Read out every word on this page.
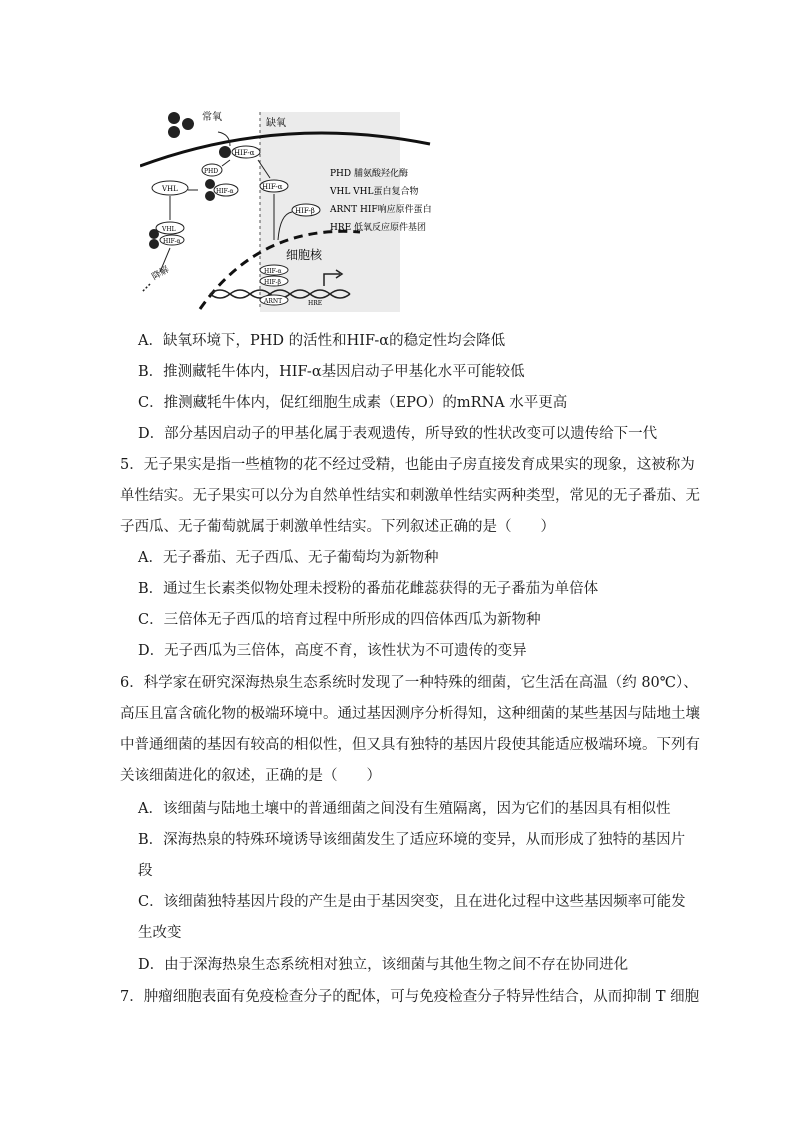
常氧
缺氧
HIF-α
PHD
HIF-α
VHL
VHL
HIF-α
降解
HIF-α
HIF-β
细胞核
HIF-α
HIF-β
ARNT	HRE
PHD 脯氨酸羟化酶
VHL VHL蛋白复合物
ARNT HIF响应原件蛋白
HRE 低氧反应原件基团
A．缺氧环境下，PHD 的活性和HIF-α的稳定性均会降低
B．推测藏牦牛体内，HIF-α基因启动子甲基化水平可能较低
C．推测藏牦牛体内，促红细胞生成素（EPO）的mRNA 水平更高
D．部分基因启动子的甲基化属于表观遗传，所导致的性状改变可以遗传给下一代
5．无子果实是指一些植物的花不经过受精，也能由子房直接发育成果实的现象，这被称为
单性结实。无子果实可以分为自然单性结实和刺激单性结实两种类型，常见的无子番茄、无
子西瓜、无子葡萄就属于刺激单性结实。下列叙述正确的是（　　）
A．无子番茄、无子西瓜、无子葡萄均为新物种
B．通过生长素类似物处理未授粉的番茄花雌蕊获得的无子番茄为单倍体
C．三倍体无子西瓜的培育过程中所形成的四倍体西瓜为新物种
D．无子西瓜为三倍体，高度不育，该性状为不可遗传的变异
6．科学家在研究深海热泉生态系统时发现了一种特殊的细菌，它生活在高温（约 80℃）、
高压且富含硫化物的极端环境中。通过基因测序分析得知，这种细菌的某些基因与陆地土壤
中普通细菌的基因有较高的相似性，但又具有独特的基因片段使其能适应极端环境。下列有
关该细菌进化的叙述，正确的是（　　）
A．该细菌与陆地土壤中的普通细菌之间没有生殖隔离，因为它们的基因具有相似性
B．深海热泉的特殊环境诱导该细菌发生了适应环境的变异，从而形成了独特的基因片
段
C．该细菌独特基因片段的产生是由于基因突变，且在进化过程中这些基因频率可能发
生改变
D．由于深海热泉生态系统相对独立，该细菌与其他生物之间不存在协同进化
7．肿瘤细胞表面有免疫检查分子的配体，可与免疫检查分子特异性结合，从而抑制 T 细胞
